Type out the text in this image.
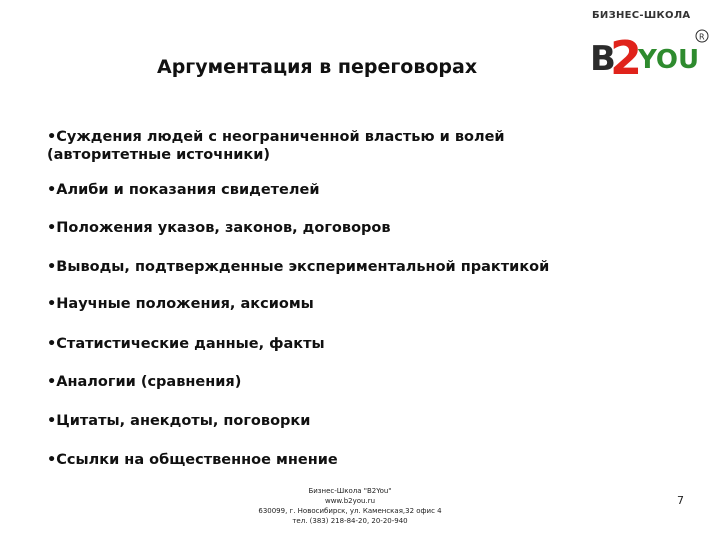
Аргументация в переговорах
БИЗНЕС-ШКОЛА
B
2
YOU
R
•Суждения людей с неограниченной властью и волей
(авторитетные источники)
•Алиби и показания свидетелей
•Положения указов, законов, договоров
•Выводы, подтвержденные экспериментальной практикой
•Научные положения, аксиомы
•Статистические данные, факты
•Аналогии (сравнения)
•Цитаты, анекдоты, поговорки
•Ссылки на общественное мнение
Бизнес-Школа "B2You"
www.b2you.ru
630099, г. Новосибирск, ул. Каменская,32 офис 4
тел. (383) 218-84-20, 20-20-940
7
